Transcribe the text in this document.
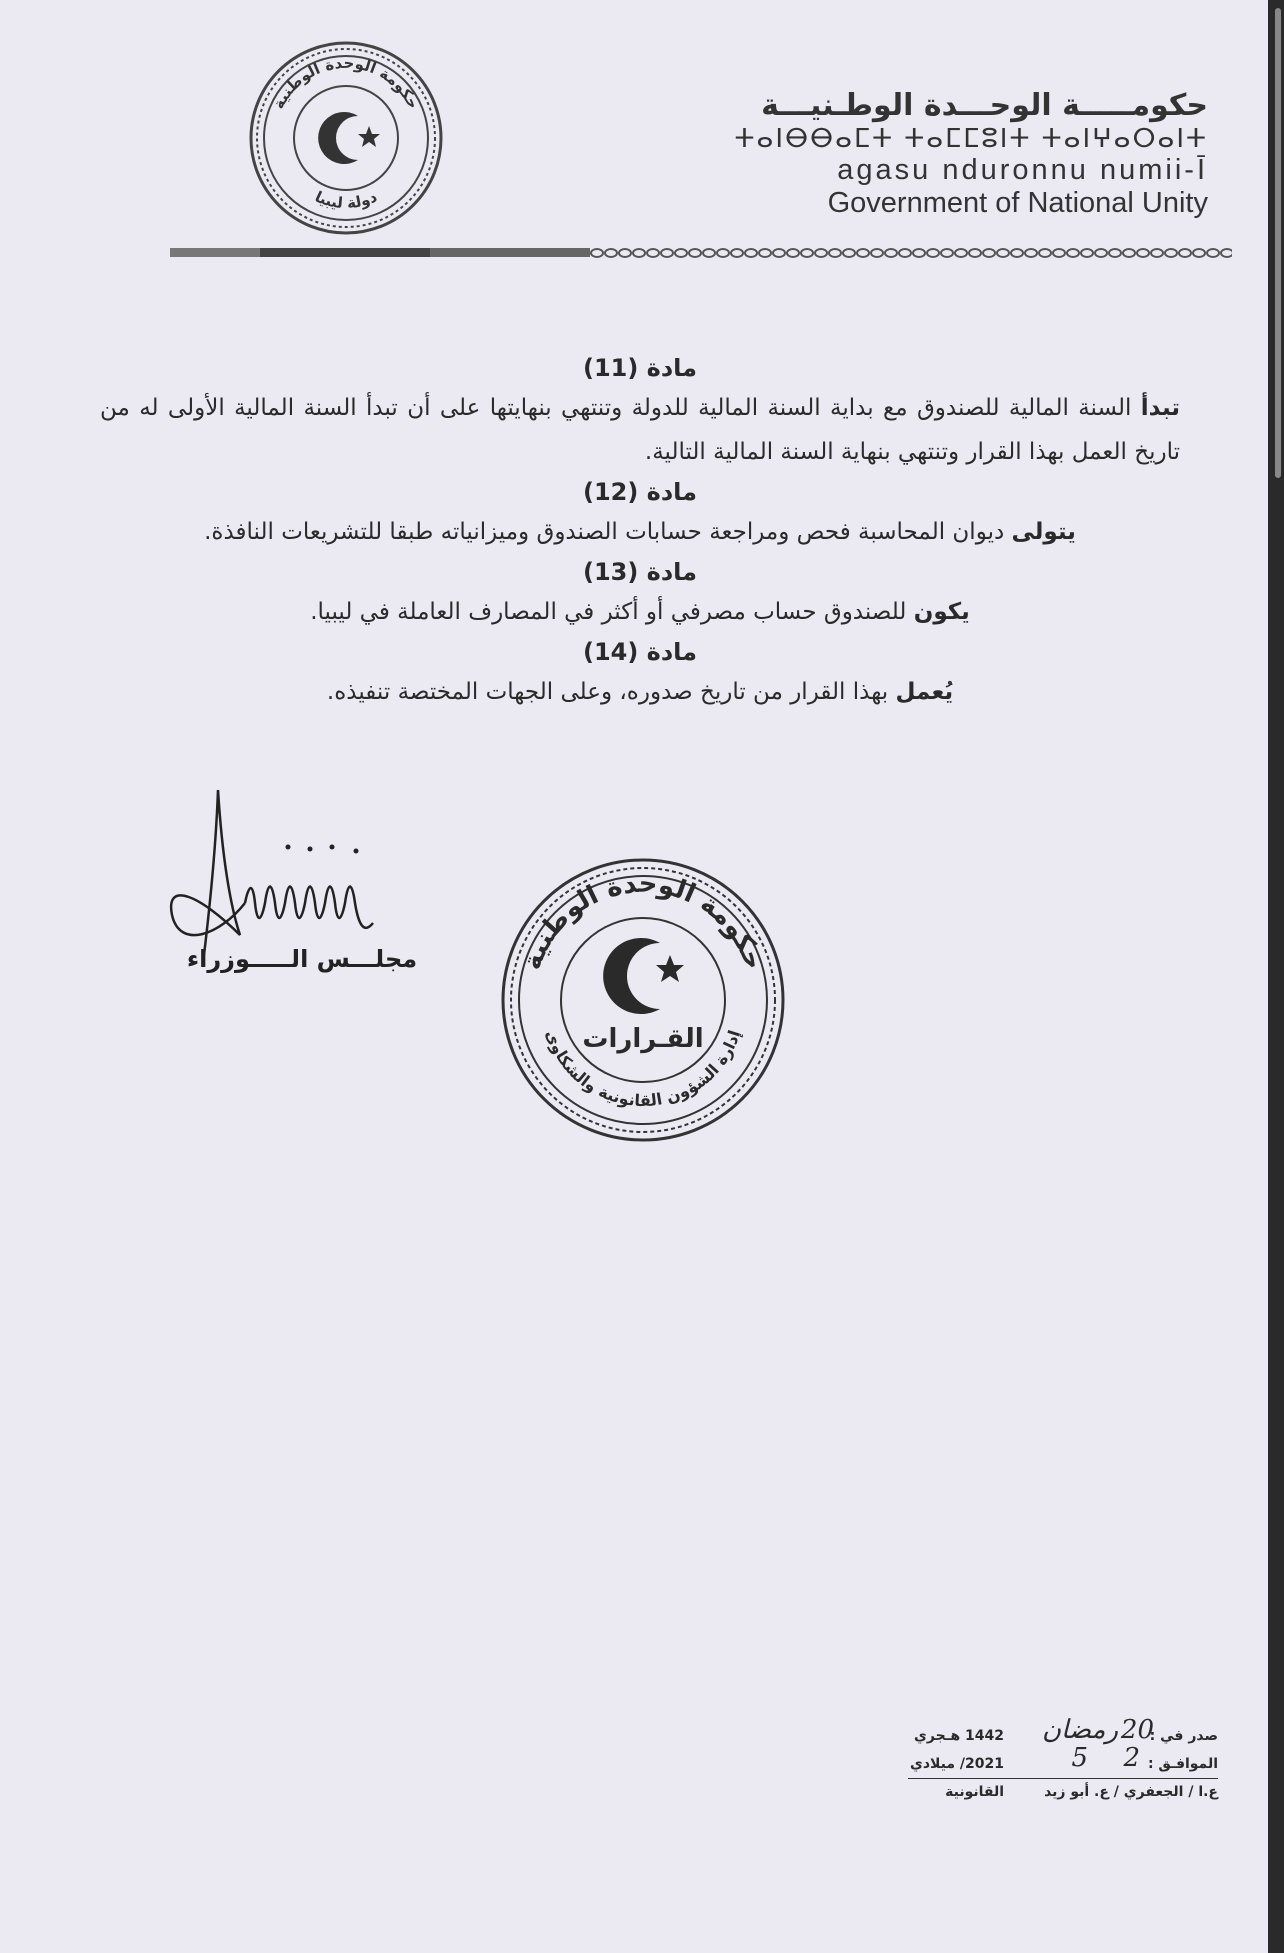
حكومة الوحدة الوطنية
دولة ليبيا
حكومـــــة الوحـــدة الوطـنيـــة
ⵜⴰⵏⴱⴱⴰⵎⵜ ⵜⴰⵎⵎⵓⵏⵜ ⵜⴰⵏⵖⴰⵔⴰⵏⵜ
agasu nduronnu numii-Ī
Government of National Unity
مادة (11)
تبدأ السنة المالية للصندوق مع بداية السنة المالية للدولة وتنتهي بنهايتها على أن تبدأ السنة المالية الأولى له من تاريخ العمل بهذا القرار وتنتهي بنهاية السنة المالية التالية.
مادة (12)
يتولى ديوان المحاسبة فحص ومراجعة حسابات الصندوق وميزانياته طبقا للتشريعات النافذة.
مادة (13)
يكون للصندوق حساب مصرفي أو أكثر في المصارف العاملة في ليبيا.
مادة (14)
يُعمل بهذا القرار من تاريخ صدوره، وعلى الجهات المختصة تنفيذه.
مجلـــس الـــــوزراء	حكومة الوحدة الوطنية
إدارة الشؤون القانونية والشكاوى
القـرارات
صدر في :
20
رمضان
1442 هـجري
الموافـق :
2
5
2021/ ميلادي
ع.ا / الجعفري / ع. أبو زيد
القانونية
